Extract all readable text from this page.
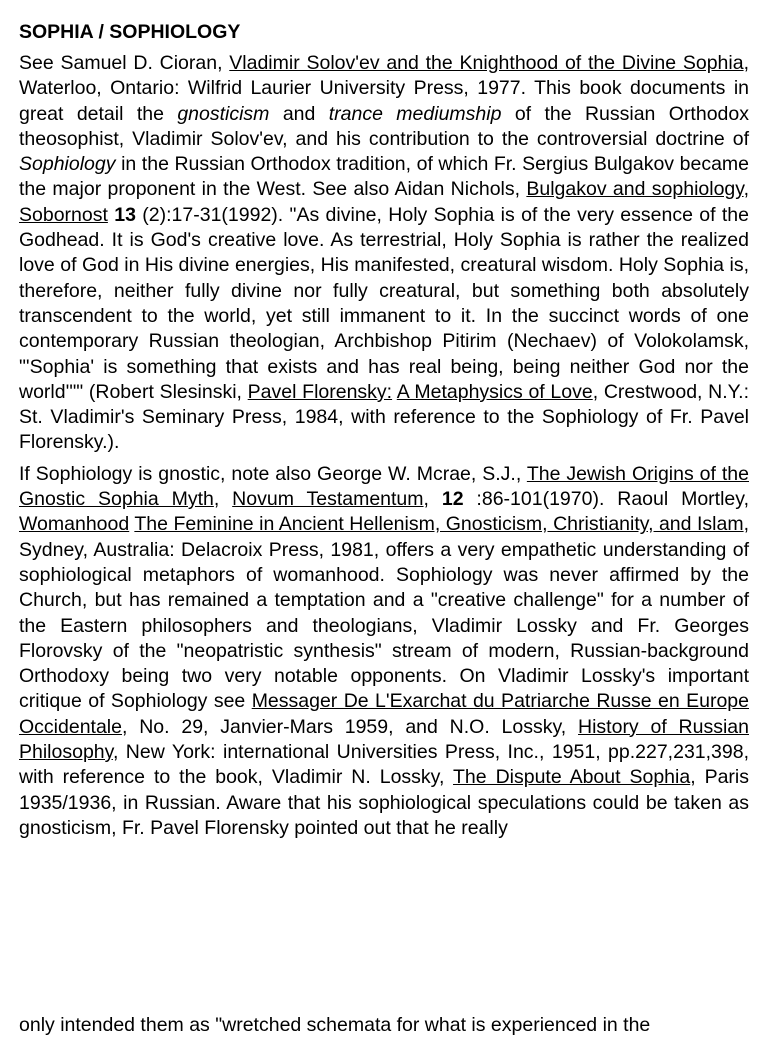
SOPHIA / SOPHIOLOGY

See Samuel D. Cioran, Vladimir Solov'ev and the Knighthood of the Divine Sophia, Waterloo, Ontario: Wilfrid Laurier University Press, 1977. This book documents in great detail the gnosticism and trance mediumship of the Russian Orthodox theosophist, Vladimir Solov'ev, and his contribution to the controversial doctrine of Sophiology in the Russian Orthodox tradition, of which Fr. Sergius Bulgakov became the major proponent in the West. See also Aidan Nichols, Bulgakov and sophiology, Sobornost 13 (2):17-31(1992). "As divine, Holy Sophia is of the very essence of the Godhead. It is God's creative love. As terrestrial, Holy Sophia is rather the realized love of God in His divine energies, His manifested, creatural wisdom. Holy Sophia is, therefore, neither fully divine nor fully creatural, but something both absolutely transcendent to the world, yet still immanent to it. In the succinct words of one contemporary Russian theologian, Archbishop Pitirim (Nechaev) of Volokolamsk, "'Sophia' is something that exists and has real being, being neither God nor the world'"" (Robert Slesinski, Pavel Florensky: A Metaphysics of Love, Crestwood, N.Y.: St. Vladimir's Seminary Press, 1984, with reference to the Sophiology of Fr. Pavel Florensky.).

If Sophiology is gnostic, note also George W. Mcrae, S.J., The Jewish Origins of the Gnostic Sophia Myth, Novum Testamentum, 12 :86-101(1970). Raoul Mortley, Womanhood The Feminine in Ancient Hellenism, Gnosticism, Christianity, and Islam, Sydney, Australia: Delacroix Press, 1981, offers a very empathetic understanding of sophiological metaphors of womanhood. Sophiology was never affirmed by the Church, but has remained a temptation and a "creative challenge" for a number of the Eastern philosophers and theologians, Vladimir Lossky and Fr. Georges Florovsky of the "neopatristic synthesis" stream of modern, Russian-background Orthodoxy being two very notable opponents. On Vladimir Lossky's important critique of Sophiology see Messager De L'Exarchat du Patriarche Russe en Europe Occidentale, No. 29, Janvier-Mars 1959, and N.O. Lossky, History of Russian Philosophy, New York: international Universities Press, Inc., 1951, pp.227,231,398, with reference to the book, Vladimir N. Lossky, The Dispute About Sophia, Paris 1935/1936, in Russian. Aware that his sophiological speculations could be taken as gnosticism, Fr. Pavel Florensky pointed out that he really

only intended them as "wretched schemata for what is experienced in the
